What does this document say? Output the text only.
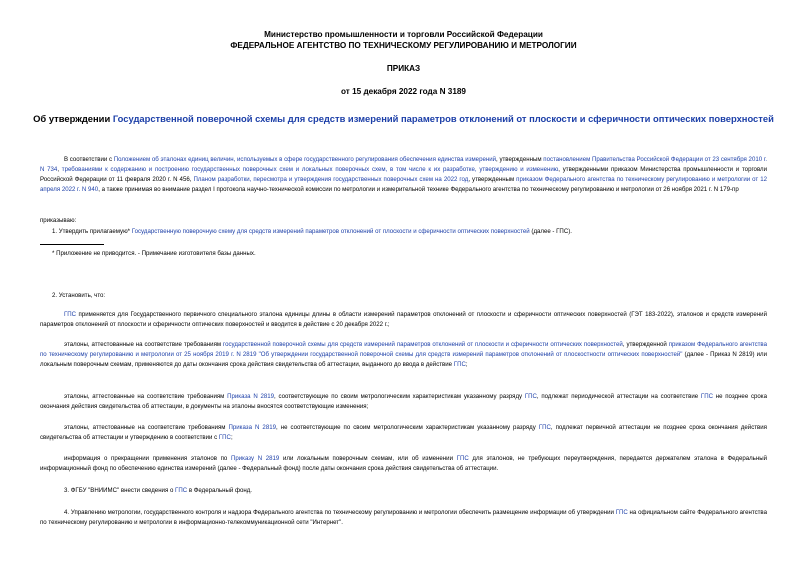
Министерство промышленности и торговли Российской Федерации
ФЕДЕРАЛЬНОЕ АГЕНТСТВО ПО ТЕХНИЧЕСКОМУ РЕГУЛИРОВАНИЮ И МЕТРОЛОГИИ
ПРИКАЗ
от 15 декабря 2022 года N 3189
Об утверждении Государственной поверочной схемы для средств измерений параметров отклонений от плоскости и сферичности оптических поверхностей
В соответствии с Положением об эталонах единиц величин, используемых в сфере государственного регулирования обеспечения единства измерений, утвержденным постановлением Правительства Российской Федерации от 23 сентября 2010 г. N 734, требованиями к содержанию и построению государственных поверочных схем и локальных поверочных схем, в том числе к их разработке, утверждению и изменению, утвержденными приказом Министерства промышленности и торговли Российской Федерации от 11 февраля 2020 г. N 456, Планом разработки, пересмотра и утверждения государственных поверочных схем на 2022 год, утвержденным приказом Федерального агентства по техническому регулированию и метрологии от 12 апреля 2022 г. N 940, а также принимая во внимание раздел I протокола научно-технической комиссии по метрологии и измерительной технике Федерального агентства по техническому регулированию и метрологии от 26 ноября 2021 г. N 179-пр
приказываю:
1. Утвердить прилагаемую* Государственную поверочную схему для средств измерений параметров отклонений от плоскости и сферичности оптических поверхностей (далее - ГПС).
* Приложение не приводится. - Примечание изготовителя базы данных.
2. Установить, что:
ГПС применяется для Государственного первичного специального эталона единицы длины в области измерений параметров отклонений от плоскости и сферичности оптических поверхностей (ГЭТ 183-2022), эталонов и средств измерений параметров отклонений от плоскости и сферичности оптических поверхностей и вводится в действие с 20 декабря 2022 г.;
эталоны, аттестованные на соответствие требованиям государственной поверочной схемы для средств измерений параметров отклонений от плоскости и сферичности оптических поверхностей, утвержденной приказом Федерального агентства по техническому регулированию и метрологии от 25 ноября 2019 г. N 2819 "Об утверждении государственной поверочной схемы для средств измерений параметров отклонений от плоскостности оптических поверхностей" (далее - Приказ N 2819) или локальным поверочным схемам, применяются до даты окончания срока действия свидетельства об аттестации, выданного до ввода в действие ГПС;
эталоны, аттестованные на соответствие требованиям Приказа N 2819, соответствующие по своим метрологическим характеристикам указанному разряду ГПС, подлежат периодической аттестации на соответствие ГПС не позднее срока окончания действия свидетельства об аттестации, в документы на эталоны вносятся соответствующие изменения;
эталоны, аттестованные на соответствие требованиям Приказа N 2819, не соответствующие по своим метрологическим характеристикам указанному разряду ГПС, подлежат первичной аттестации не позднее срока окончания действия свидетельства об аттестации и утверждению в соответствии с ГПС;
информация о прекращении применения эталонов по Приказу N 2819 или локальным поверочным схемам, или об изменении ГПС для эталонов, не требующих переутверждения, передается держателем эталона в Федеральный информационный фонд по обеспечению единства измерений (далее - Федеральный фонд) после даты окончания срока действия свидетельства об аттестации.
3. ФГБУ "ВНИИМС" внести сведения о ГПС в Федеральный фонд.
4. Управлению метрологии, государственного контроля и надзора Федерального агентства по техническому регулированию и метрологии обеспечить размещение информации об утверждении ГПС на официальном сайте Федерального агентства по техническому регулированию и метрологии в информационно-телекоммуникационной сети "Интернет".
